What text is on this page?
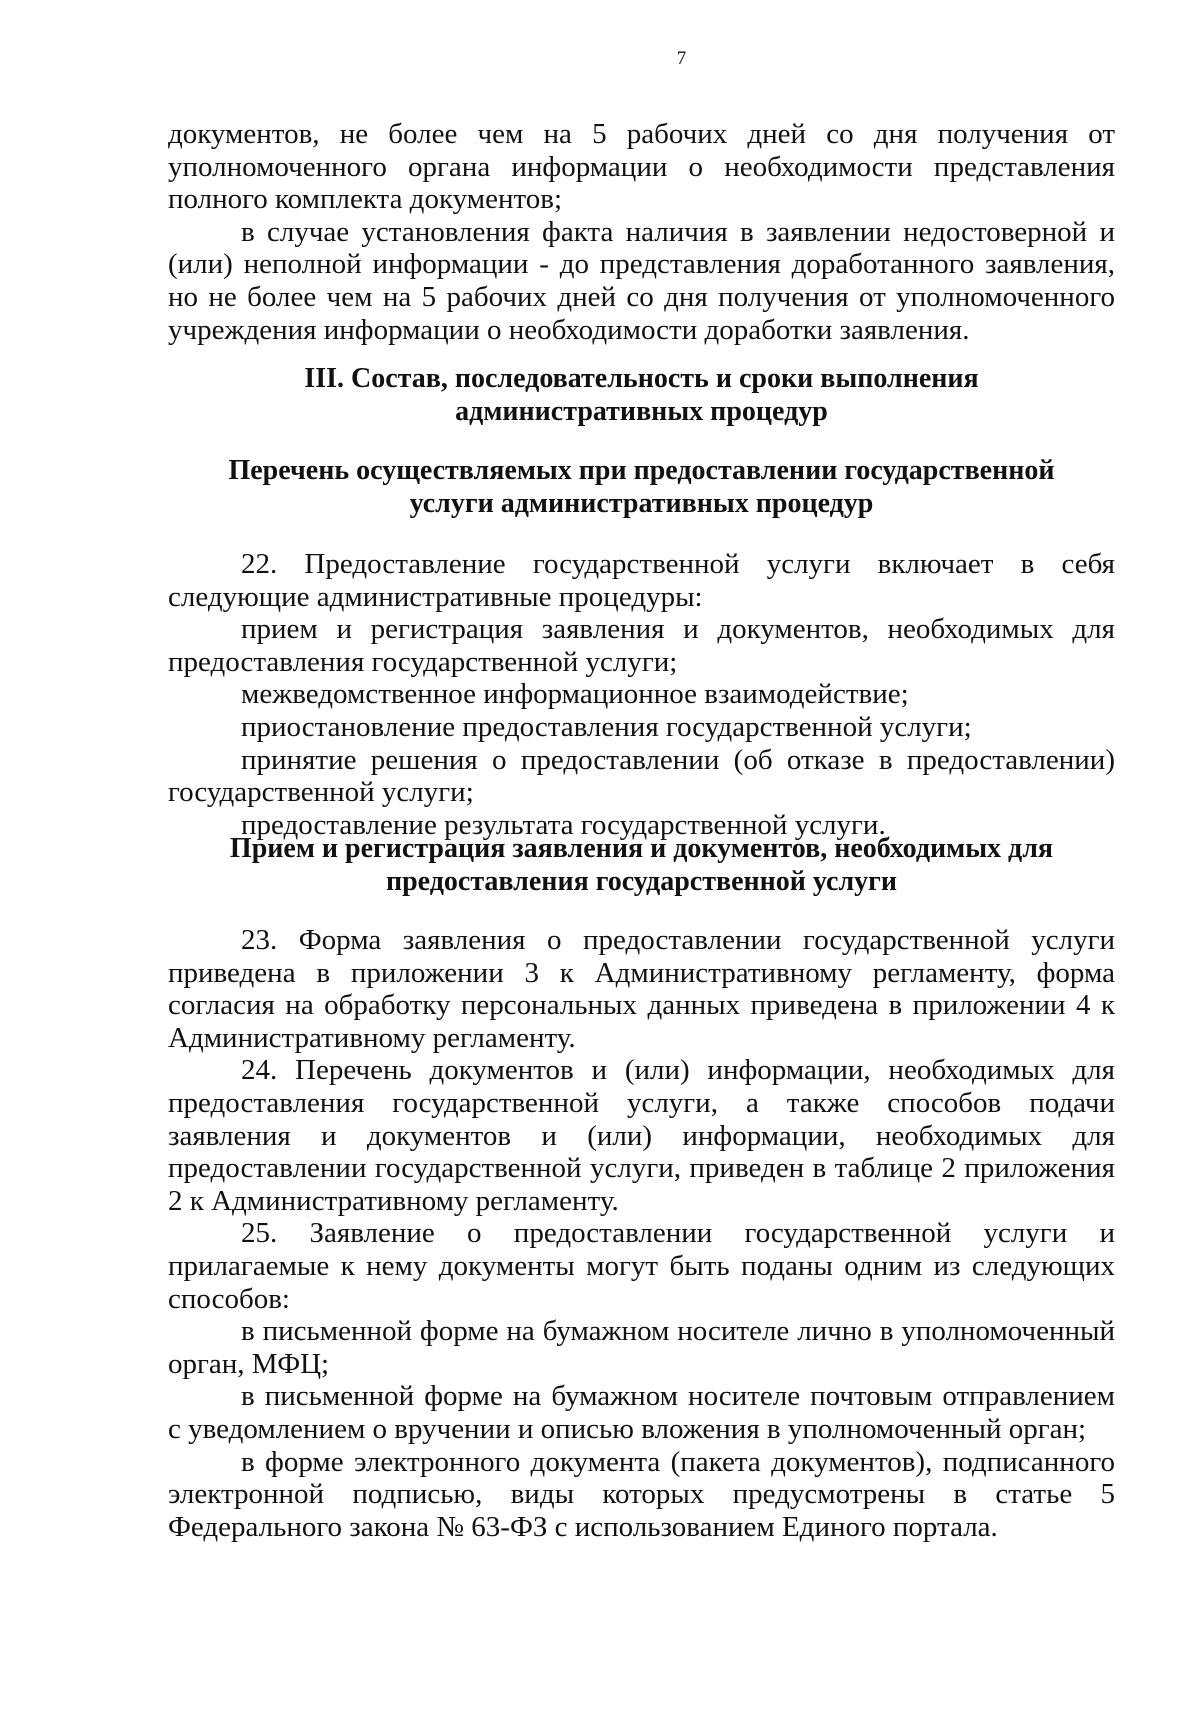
7

документов, не более чем на 5 рабочих дней со дня получения от уполномоченного органа информации о необходимости представления полного комплекта документов;

в случае установления факта наличия в заявлении недостоверной и (или) неполной информации - до представления доработанного заявления, но не более чем на 5 рабочих дней со дня получения от уполномоченного учреждения информации о необходимости доработки заявления.

III. Состав, последовательность и сроки выполнения
административных процедур
Перечень осуществляемых при предоставлении государственной
услуги административных процедур

22. Предоставление государственной услуги включает в себя следующие административные процедуры:

прием и регистрация заявления и документов, необходимых для предоставления государственной услуги;

межведомственное информационное взаимодействие;

приостановление предоставления государственной услуги;

принятие решения о предоставлении (об отказе в предоставлении) государственной услуги;

предоставление результата государственной услуги.

Прием и регистрация заявления и документов, необходимых для
предоставления государственной услуги

23. Форма заявления о предоставлении государственной услуги приведена в приложении 3 к Административному регламенту, форма согласия на обработку персональных данных приведена в приложении 4 к Административному регламенту.

24. Перечень документов и (или) информации, необходимых для предоставления государственной услуги, а также способов подачи заявления и документов и (или) информации, необходимых для предоставлении государственной услуги, приведен в таблице 2 приложения 2 к Административному регламенту.

25. Заявление о предоставлении государственной услуги и прилагаемые к нему документы могут быть поданы одним из следующих способов:

в письменной форме на бумажном носителе лично в уполномоченный орган, МФЦ;

в письменной форме на бумажном носителе почтовым отправлением с уведомлением о вручении и описью вложения в уполномоченный орган;

в форме электронного документа (пакета документов), подписанного электронной подписью, виды которых предусмотрены в статье 5 Федерального закона № 63-ФЗ с использованием Единого портала.
